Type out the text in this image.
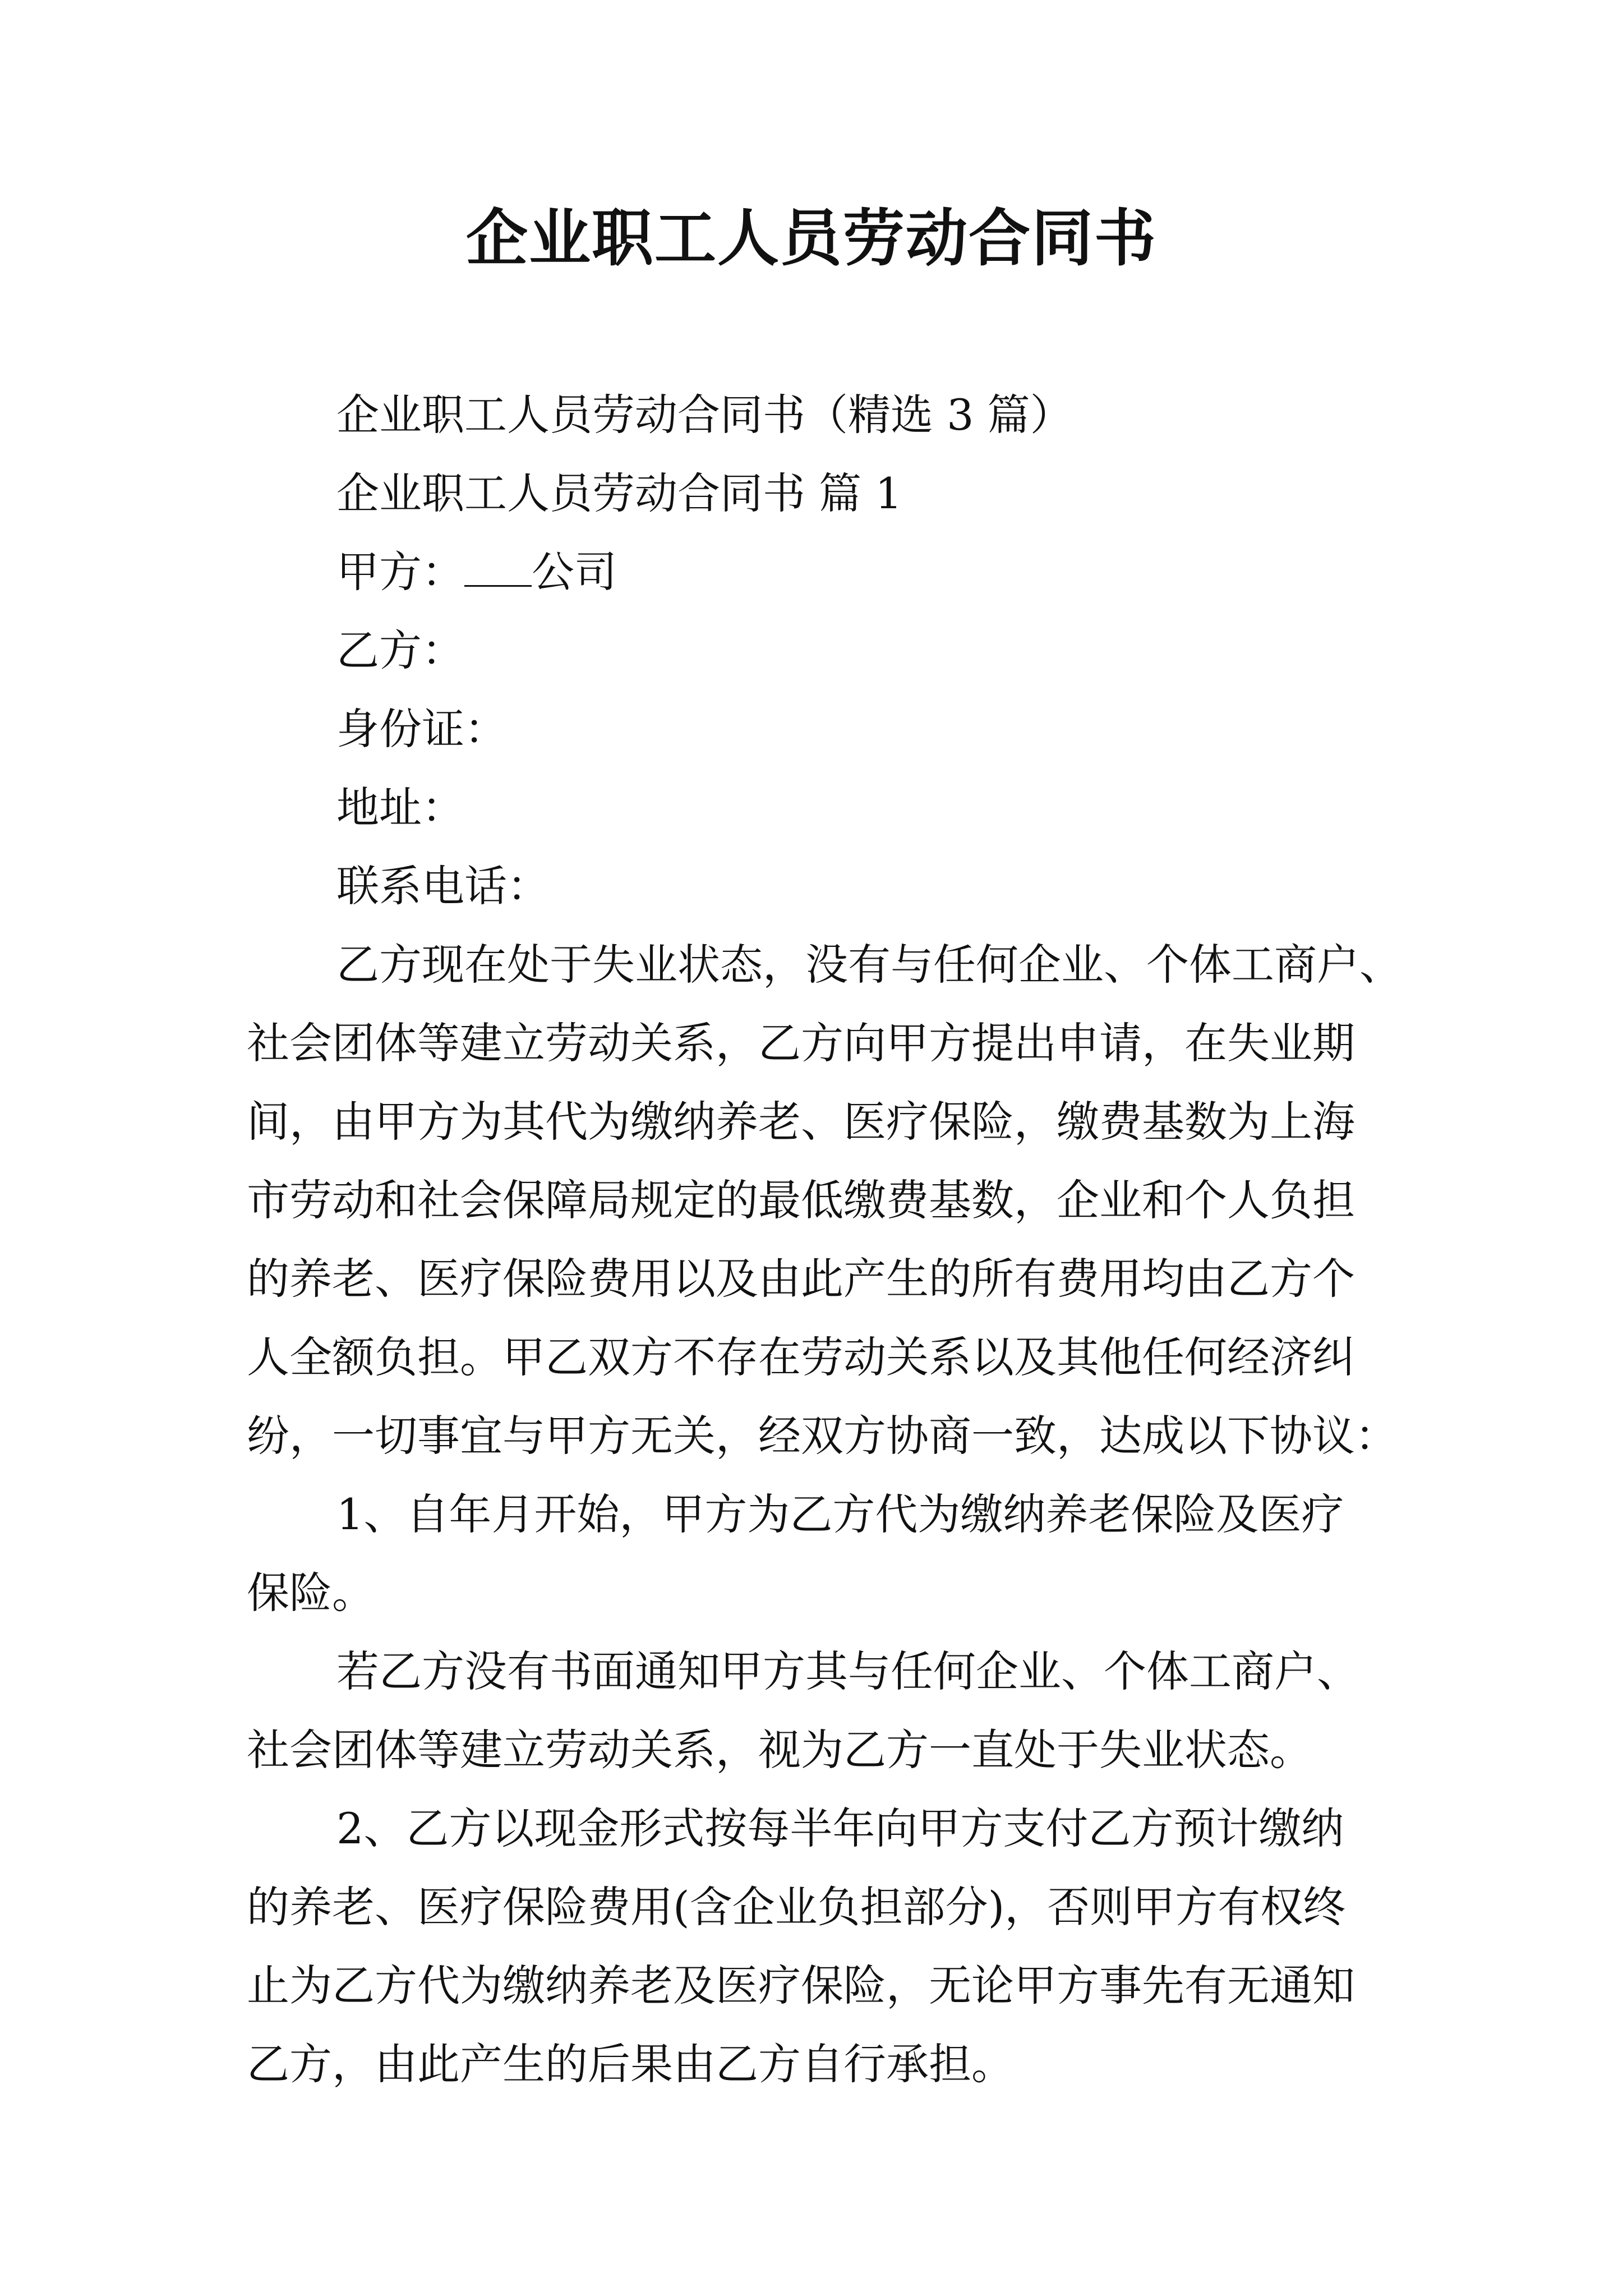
企业职工人员劳动合同书

企业职工人员劳动合同书（精选 3 篇）

企业职工人员劳动合同书 篇 1

甲方： 公司

乙方：

身份证：

地址：

联系电话：

乙方现在处于失业状态，没有与任何企业、个体工商户、

社会团体等建立劳动关系，乙方向甲方提出申请，在失业期

间，由甲方为其代为缴纳养老、医疗保险，缴费基数为上海

市劳动和社会保障局规定的最低缴费基数，企业和个人负担

的养老、医疗保险费用以及由此产生的所有费用均由乙方个

人全额负担。甲乙双方不存在劳动关系以及其他任何经济纠

纷，一切事宜与甲方无关，经双方协商一致，达成以下协议：

1、自年月开始，甲方为乙方代为缴纳养老保险及医疗

保险。

若乙方没有书面通知甲方其与任何企业、个体工商户、

社会团体等建立劳动关系，视为乙方一直处于失业状态。

2、乙方以现金形式按每半年向甲方支付乙方预计缴纳

的养老、医疗保险费用(含企业负担部分)，否则甲方有权终

止为乙方代为缴纳养老及医疗保险，无论甲方事先有无通知

乙方，由此产生的后果由乙方自行承担。
